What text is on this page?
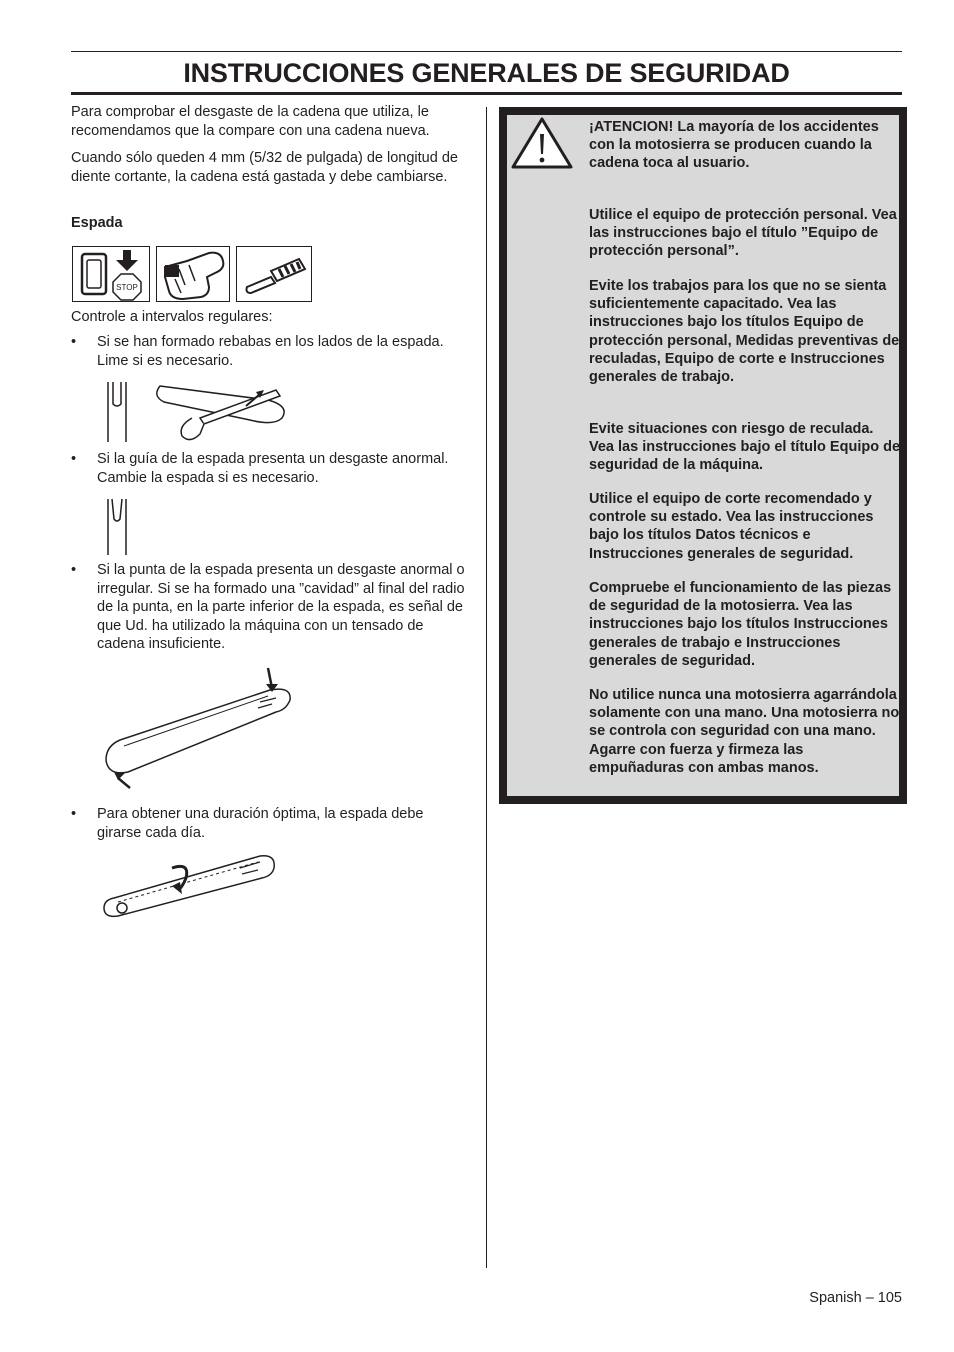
INSTRUCCIONES GENERALES DE SEGURIDAD

Para comprobar el desgaste de la cadena que utiliza, le recomendamos que la compare con una cadena nueva.

Cuando sólo queden 4 mm (5/32 de pulgada) de longitud de diente cortante, la cadena está gastada y debe cambiarse.

Espada

Controle a intervalos regulares:

• Si se han formado rebabas en los lados de la espada. Lime si es necesario.

• Si la guía de la espada presenta un desgaste anormal. Cambie la espada si es necesario.

• Si la punta de la espada presenta un desgaste anormal o irregular. Si se ha formado una ”cavidad” al final del radio de la punta, en la parte inferior de la espada, es señal de que Ud. ha utilizado la máquina con un tensado de cadena insuficiente.

• Para obtener una duración óptima, la espada debe girarse cada día.

STOP

¡ATENCION! La mayoría de los accidentes con la motosierra se producen cuando la cadena toca al usuario.

Utilice el equipo de protección personal. Vea las instrucciones bajo el título ”Equipo de protección personal”.

Evite los trabajos para los que no se sienta suficientemente capacitado. Vea las instrucciones bajo los títulos Equipo de protección personal, Medidas preventivas de reculadas, Equipo de corte e Instrucciones generales de trabajo.

Evite situaciones con riesgo de reculada. Vea las instrucciones bajo el título Equipo de seguridad de la máquina.

Utilice el equipo de corte recomendado y controle su estado. Vea las instrucciones bajo los títulos Datos técnicos e Instrucciones generales de seguridad.

Compruebe el funcionamiento de las piezas de seguridad de la motosierra. Vea las instrucciones bajo los títulos Instrucciones generales de trabajo e Instrucciones generales de seguridad.

No utilice nunca una motosierra agarrándola solamente con una mano. Una motosierra no se controla con seguridad con una mano. Agarre con fuerza y firmeza las empuñaduras con ambas manos.

Spanish – 105
